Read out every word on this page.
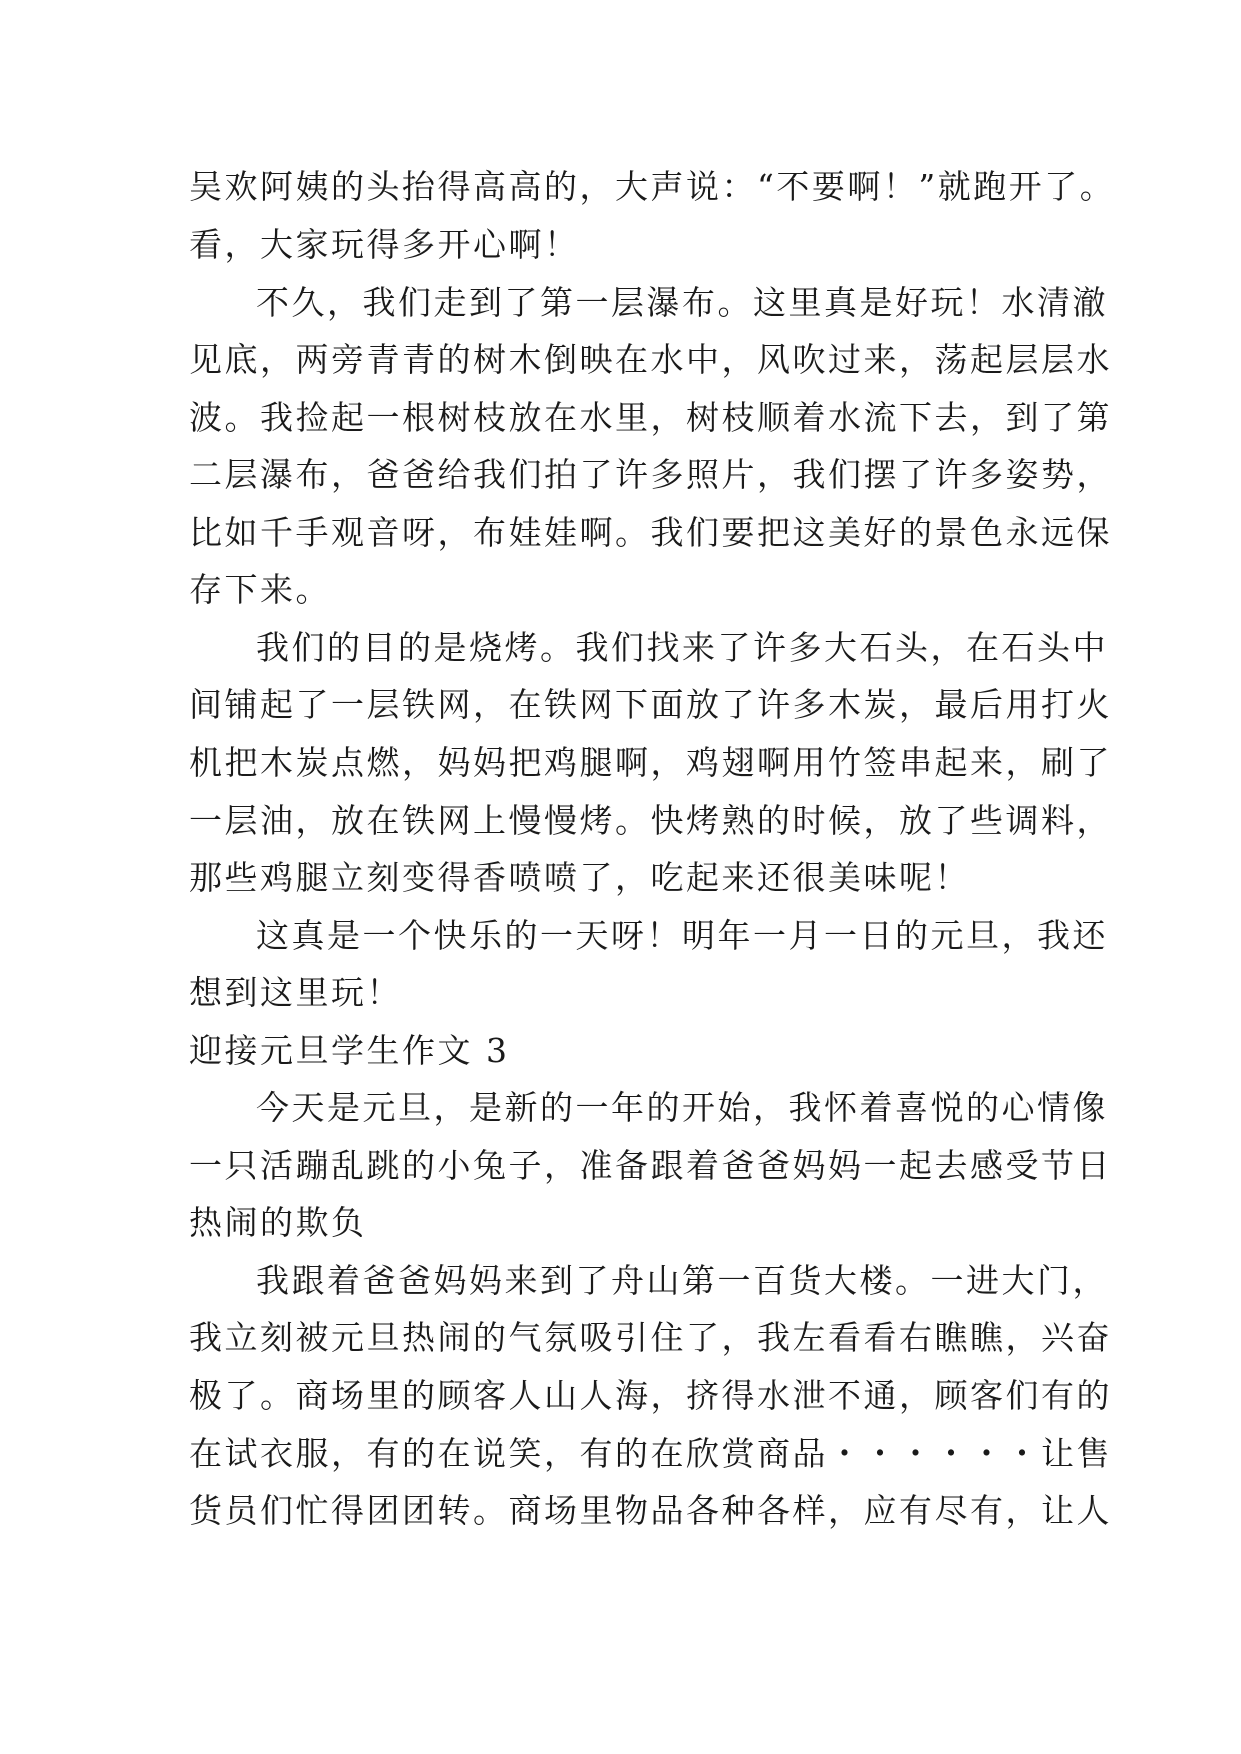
吴欢阿姨的头抬得高高的，大声说：“不要啊！”就跑开了。
看，大家玩得多开心啊！
不久，我们走到了第一层瀑布。这里真是好玩！水清澈
见底，两旁青青的树木倒映在水中，风吹过来，荡起层层水
波。我捡起一根树枝放在水里，树枝顺着水流下去，到了第
二层瀑布，爸爸给我们拍了许多照片，我们摆了许多姿势，
比如千手观音呀，布娃娃啊。我们要把这美好的景色永远保
存下来。
我们的目的是烧烤。我们找来了许多大石头，在石头中
间铺起了一层铁网，在铁网下面放了许多木炭，最后用打火
机把木炭点燃，妈妈把鸡腿啊，鸡翅啊用竹签串起来，刷了
一层油，放在铁网上慢慢烤。快烤熟的时候，放了些调料，
那些鸡腿立刻变得香喷喷了，吃起来还很美味呢！
这真是一个快乐的一天呀！明年一月一日的元旦，我还
想到这里玩！
迎接元旦学生作文 3
今天是元旦，是新的一年的开始，我怀着喜悦的心情像
一只活蹦乱跳的小兔子，准备跟着爸爸妈妈一起去感受节日
热闹的欺负
我跟着爸爸妈妈来到了舟山第一百货大楼。一进大门，
我立刻被元旦热闹的气氛吸引住了，我左看看右瞧瞧，兴奋
极了。商场里的顾客人山人海，挤得水泄不通，顾客们有的
在试衣服，有的在说笑，有的在欣赏商品・・・・・・让售
货员们忙得团团转。商场里物品各种各样，应有尽有，让人
